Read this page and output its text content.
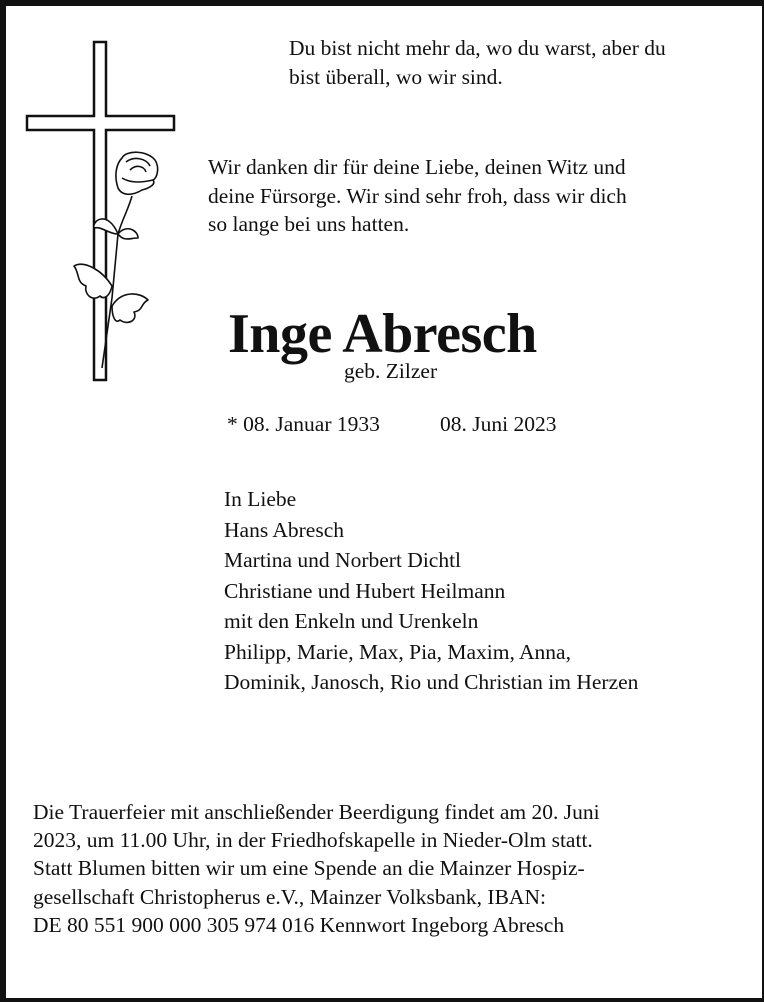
Du bist nicht mehr da, wo du warst, aber du
bist überall, wo wir sind.
Wir danken dir für deine Liebe, deinen Witz und
deine Fürsorge. Wir sind sehr froh, dass wir dich
so lange bei uns hatten.
Inge Abresch
geb. Zilzer
* 08. Januar 1933	08. Juni 2023
In Liebe
Hans Abresch
Martina und Norbert Dichtl
Christiane und Hubert Heilmann
mit den Enkeln und Urenkeln
Philipp, Marie, Max, Pia, Maxim, Anna,
Dominik, Janosch, Rio und Christian im Herzen
Die Trauerfeier mit anschließender Beerdigung findet am 20. Juni
2023, um 11.00 Uhr, in der Friedhofskapelle in Nieder-Olm statt.
Statt Blumen bitten wir um eine Spende an die Mainzer Hospiz-
gesellschaft Christopherus e.V., Mainzer Volksbank, IBAN:
DE 80 551 900 000 305 974 016 Kennwort Ingeborg Abresch
